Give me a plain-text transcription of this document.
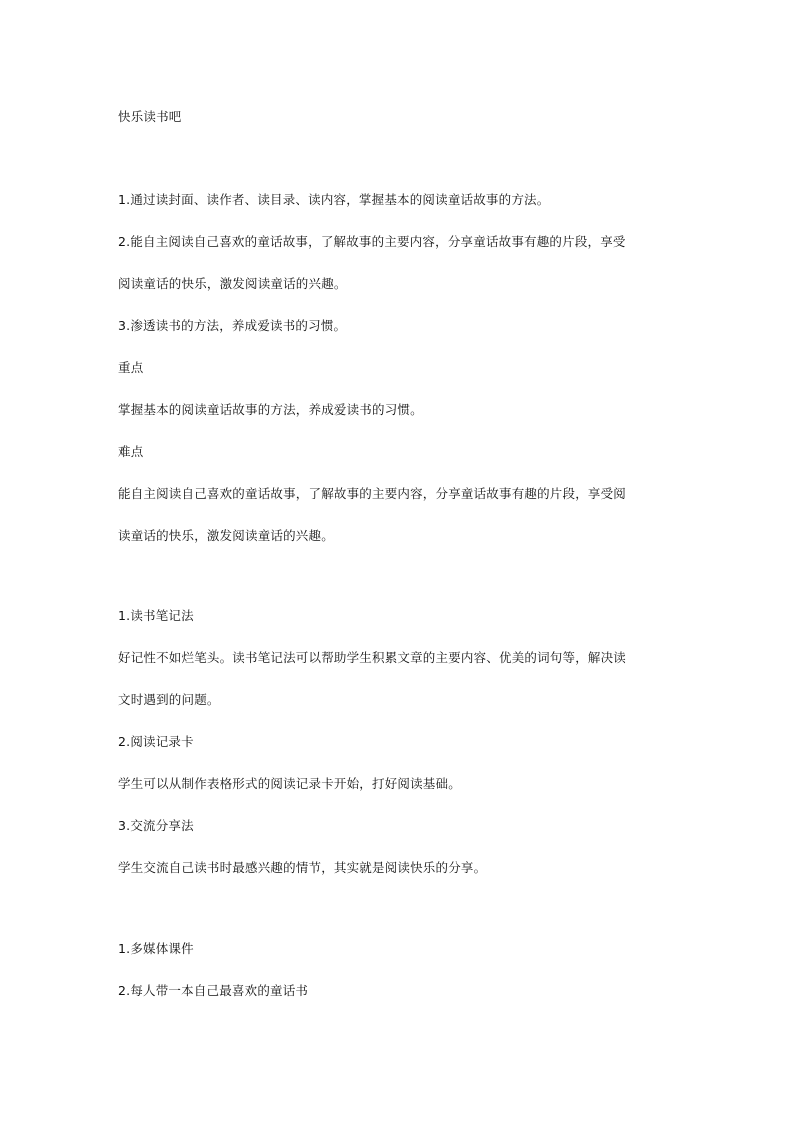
快乐读书吧
1.通过读封面、读作者、读目录、读内容，掌握基本的阅读童话故事的方法。
2.能自主阅读自己喜欢的童话故事，了解故事的主要内容，分享童话故事有趣的片段，享受
阅读童话的快乐，激发阅读童话的兴趣。
3.渗透读书的方法，养成爱读书的习惯。
重点
掌握基本的阅读童话故事的方法，养成爱读书的习惯。
难点
能自主阅读自己喜欢的童话故事，了解故事的主要内容，分享童话故事有趣的片段，享受阅
读童话的快乐，激发阅读童话的兴趣。
1.读书笔记法
好记性不如烂笔头。读书笔记法可以帮助学生积累文章的主要内容、优美的词句等，解决读
文时遇到的问题。
2.阅读记录卡
学生可以从制作表格形式的阅读记录卡开始，打好阅读基础。
3.交流分享法
学生交流自己读书时最感兴趣的情节，其实就是阅读快乐的分享。
1.多媒体课件
2.每人带一本自己最喜欢的童话书
